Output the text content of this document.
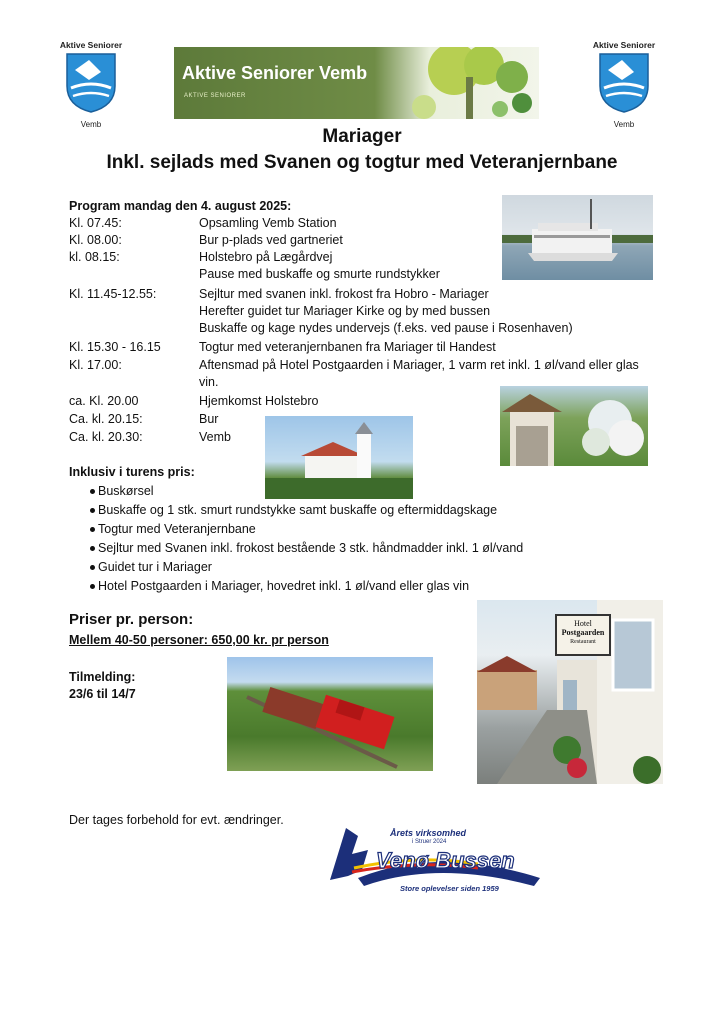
Aktive Seniorer
Vemb
Aktive Seniorer Vemb
AKTIVE SENIORER
Aktive Seniorer
Vemb
Mariager
Inkl. sejlads med Svanen og togtur med Veteranjernbane
Program mandag den 4. august 2025:
Kl. 07.45:	Opsamling Vemb Station
Kl. 08.00:	Bur p-plads ved gartneriet
kl. 08.15:	Holstebro på Lægårdvej
Pause med buskaffe og smurte rundstykker
Kl. 11.45-12.55:	Sejltur med svanen inkl. frokost fra Hobro - Mariager
Herefter guidet tur Mariager Kirke og by med bussen
Buskaffe og kage nydes undervejs (f.eks. ved pause i Rosenhaven)
Kl. 15.30 - 16.15	Togtur med veteranjernbanen fra Mariager til Handest
Kl. 17.00:	Aftensmad på Hotel Postgaarden i Mariager, 1 varm ret inkl. 1 øl/vand eller glas vin.
ca. Kl. 20.00	Hjemkomst Holstebro
Ca. kl. 20.15:	Bur
Ca. kl. 20.30:	Vemb
Inklusiv i turens pris:
Buskørsel
Buskaffe og 1 stk. smurt rundstykke samt buskaffe og eftermiddagskage
Togtur med Veteranjernbane
Sejltur med Svanen inkl. frokost bestående 3 stk. håndmadder inkl. 1 øl/vand
Guidet tur i Mariager
Hotel Postgaarden i Mariager, hovedret inkl. 1 øl/vand eller glas vin
Priser pr. person:
Mellem 40-50 personer: 650,00 kr. pr person
Tilmelding:
23/6 til 14/7
Hotel
Postgaarden
Restaurant
Der tages forbehold for evt. ændringer.
Årets virksomhed
i Struer 2024
Venø Bussen
Store oplevelser siden 1959
